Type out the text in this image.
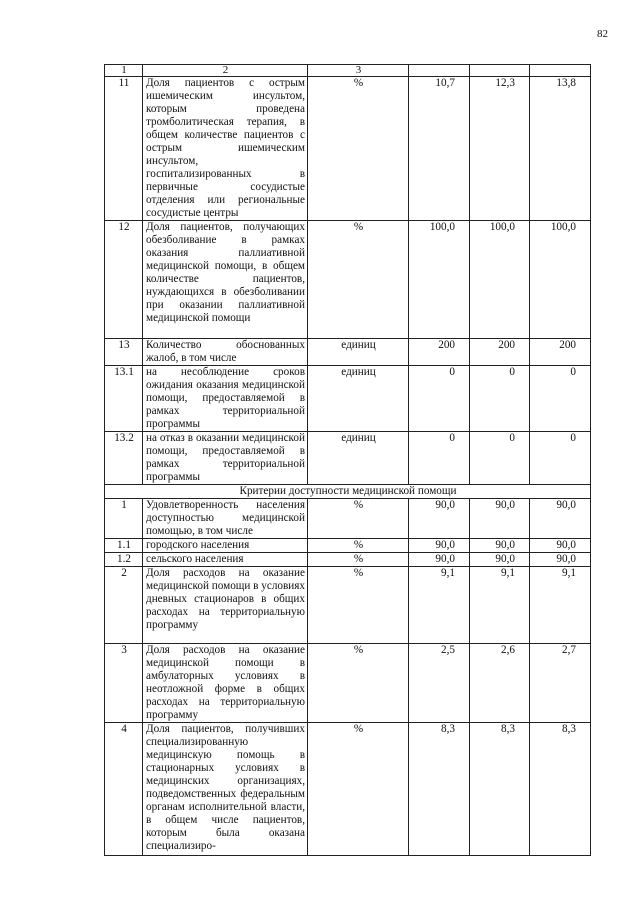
82
1	2	3			
11	Доля пациентов с острым ишемическим инсультом, которым проведена тромболитическая терапия, в общем количестве пациентов с острым ишемическим инсультом, госпитализированных в первичные сосудистые отделения или региональные сосудистые центры	%	10,7	12,3	13,8
12	Доля пациентов, получающих обезболивание в рамках оказания паллиативной медицинской помощи, в общем количестве пациентов, нуждающихся в обезболивании при оказании паллиативной медицинской помощи	%	100,0	100,0	100,0
13	Количество обоснованных жалоб, в том числе	единиц	200	200	200
13.1	на несоблюдение сроков ожидания оказания медицинской помощи, предоставляемой в рамках территориальной программы	единиц	0	0	0
13.2	на отказ в оказании медицинской помощи, предоставляемой в рамках территориальной программы	единиц	0	0	0
Критерии доступности медицинской помощи					
1	Удовлетворенность населения доступностью медицинской помощью, в том числе	%	90,0	90,0	90,0
1.1	городского населения	%	90,0	90,0	90,0
1.2	сельского населения	%	90,0	90,0	90,0
2	Доля расходов на оказание медицинской помощи в условиях дневных стационаров в общих расходах на территориальную программу	%	9,1	9,1	9,1
3	Доля расходов на оказание медицинской помощи в амбулаторных условиях в неотложной форме в общих расходах на территориальную программу	%	2,5	2,6	2,7
4	Доля пациентов, получивших специализированную медицинскую помощь в стационарных условиях в медицинских организациях, подведомственных федеральным органам исполнительной власти, в общем числе пациентов, которым была оказана специализиро-	%	8,3	8,3	8,3
